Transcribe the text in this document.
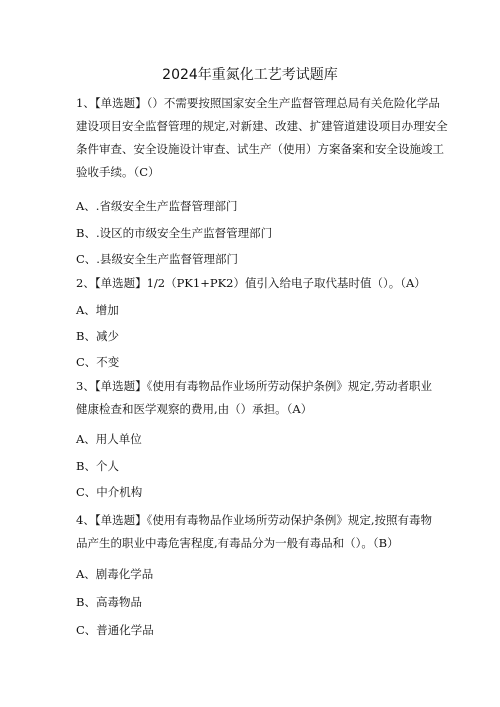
2024年重氮化工艺考试题库
1、【单选题】（）不需要按照国家安全生产监督管理总局有关危险化学品
建设项目安全监督管理的规定,对新建、改建、扩建管道建设项目办理安全
条件审查、安全设施设计审查、试生产（使用）方案备案和安全设施竣工
验收手续。（C）
A、.省级安全生产监督管理部门
B、.设区的市级安全生产监督管理部门
C、.县级安全生产监督管理部门
2、【单选题】1/2（PK1+PK2）值引入给电子取代基时值（）。（A）
A、增加
B、减少
C、不变
3、【单选题】《使用有毒物品作业场所劳动保护条例》规定,劳动者职业
健康检查和医学观察的费用,由（）承担。（A）
A、用人单位
B、个人
C、中介机构
4、【单选题】《使用有毒物品作业场所劳动保护条例》规定,按照有毒物
品产生的职业中毒危害程度,有毒品分为一般有毒品和（）。（B）
A、剧毒化学品
B、高毒物品
C、普通化学品
